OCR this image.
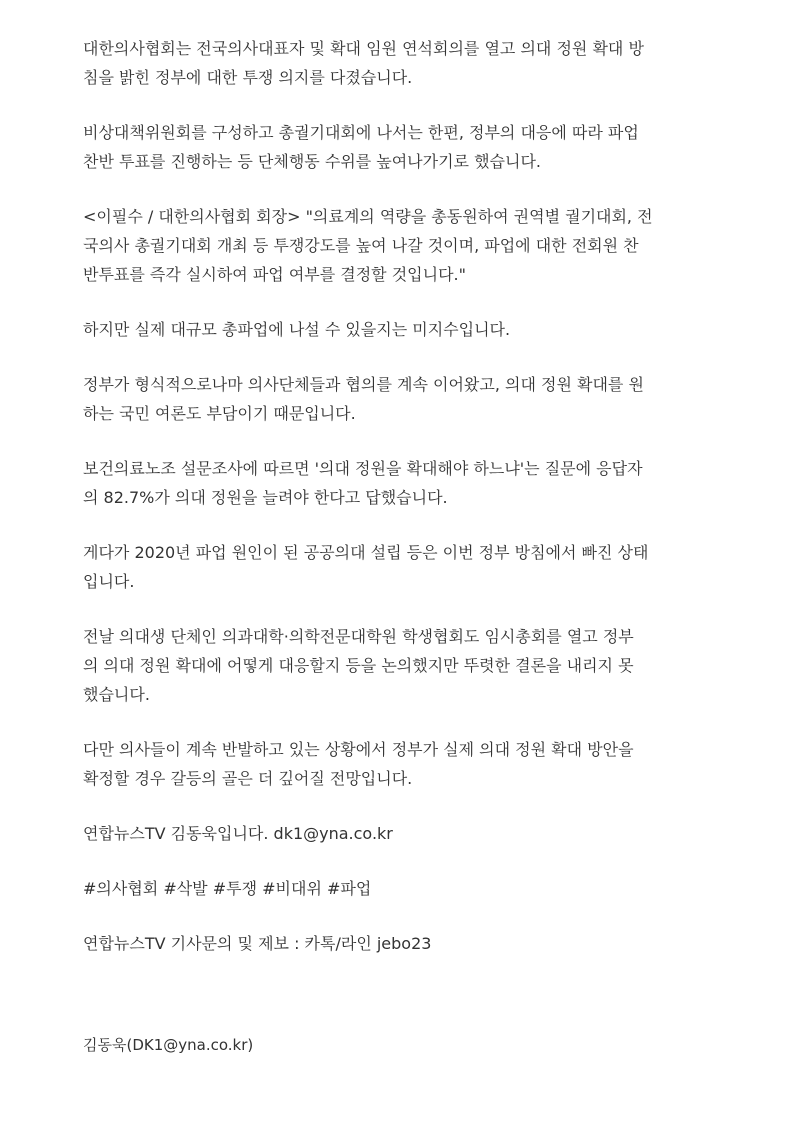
대한의사협회는 전국의사대표자 및 확대 임원 연석회의를 열고 의대 정원 확대 방
침을 밝힌 정부에 대한 투쟁 의지를 다졌습니다.

비상대책위원회를 구성하고 총궐기대회에 나서는 한편, 정부의 대응에 따라 파업
찬반 투표를 진행하는 등 단체행동 수위를 높여나가기로 했습니다.

<이필수 / 대한의사협회 회장> "의료계의 역량을 총동원하여 권역별 궐기대회, 전
국의사 총궐기대회 개최 등 투쟁강도를 높여 나갈 것이며, 파업에 대한 전회원 찬
반투표를 즉각 실시하여 파업 여부를 결정할 것입니다."

하지만 실제 대규모 총파업에 나설 수 있을지는 미지수입니다.

정부가 형식적으로나마 의사단체들과 협의를 계속 이어왔고, 의대 정원 확대를 원
하는 국민 여론도 부담이기 때문입니다.

보건의료노조 설문조사에 따르면 '의대 정원을 확대해야 하느냐'는 질문에 응답자
의 82.7%가 의대 정원을 늘려야 한다고 답했습니다.

게다가 2020년 파업 원인이 된 공공의대 설립 등은 이번 정부 방침에서 빠진 상태
입니다.

전날 의대생 단체인 의과대학·의학전문대학원 학생협회도 임시총회를 열고 정부
의 의대 정원 확대에 어떻게 대응할지 등을 논의했지만 뚜렷한 결론을 내리지 못
했습니다.

다만 의사들이 계속 반발하고 있는 상황에서 정부가 실제 의대 정원 확대 방안을
확정할 경우 갈등의 골은 더 깊어질 전망입니다.

연합뉴스TV 김동욱입니다. dk1@yna.co.kr

#의사협회 #삭발 #투쟁 #비대위 #파업

연합뉴스TV 기사문의 및 제보 : 카톡/라인 jebo23

김동욱(DK1@yna.co.kr)
